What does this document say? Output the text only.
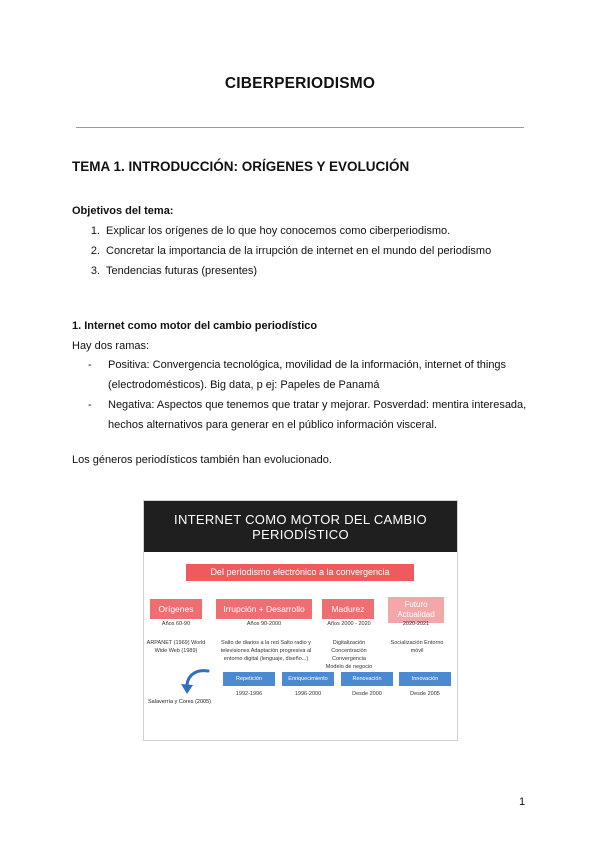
CIBERPERIODISMO
TEMA 1. INTRODUCCIÓN: ORÍGENES Y EVOLUCIÓN
Objetivos del tema:
1. Explicar los orígenes de lo que hoy conocemos como ciberperiodismo.
2. Concretar la importancia de la irrupción de internet en el mundo del periodismo
3. Tendencias futuras (presentes)
1. Internet como motor del cambio periodístico
Hay dos ramas:
-	Positiva: Convergencia tecnológica, movilidad de la información, internet of things (electrodomésticos). Big data, p ej: Papeles de Panamá
-	Negativa: Aspectos que tenemos que tratar y mejorar. Posverdad: mentira interesada, hechos alternativos para generar en el público información visceral.
Los géneros periodísticos también han evolucionado.
INTERNET COMO MOTOR DEL CAMBIO
PERIODÍSTICO
Del periodismo electrónico a la convergencia
Orígenes	Irrupción + Desarrollo	Madurez	Futuro
Actualidad
Años 60-90	Años 90-2000	Años 2000 - 2020	2020-2021
ARPANET (1969) World Wide Web (1989)
Salto de diarios a la red Salto radio y televisiones Adaptación progresiva al entorno digital (lenguaje, diseño...)
Digitalización Concentración Convergencia Modelo de negocio
Socialización Entorno móvil
Repetición	Enriquecimiento	Renovación	Innovación
1992-1996	1996-2000	Desde 2000	Desde 2005
Salaverría y Cores (2005)
1
